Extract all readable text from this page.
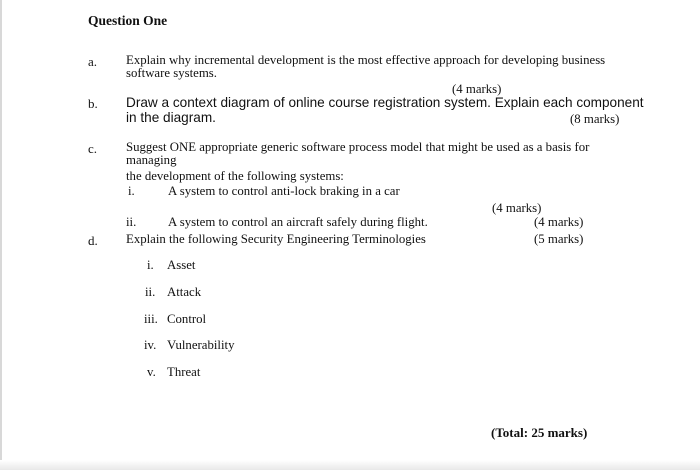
Question One
a. Explain why incremental development is the most effective approach for developing business
software systems.
(4 marks)
b. Draw a context diagram of online course registration system. Explain each component
in the diagram.	(8 marks)
c. Suggest ONE appropriate generic software process model that might be used as a basis for
managing
the development of the following systems:
i.	A system to control anti-lock braking in a car
(4 marks)
ii. A system to control an aircraft safely during flight.	(4 marks)
d. Explain the following Security Engineering Terminologies	(5 marks)
i. Asset
ii. Attack
iii. Control
iv. Vulnerability
v. Threat
(Total: 25 marks)
